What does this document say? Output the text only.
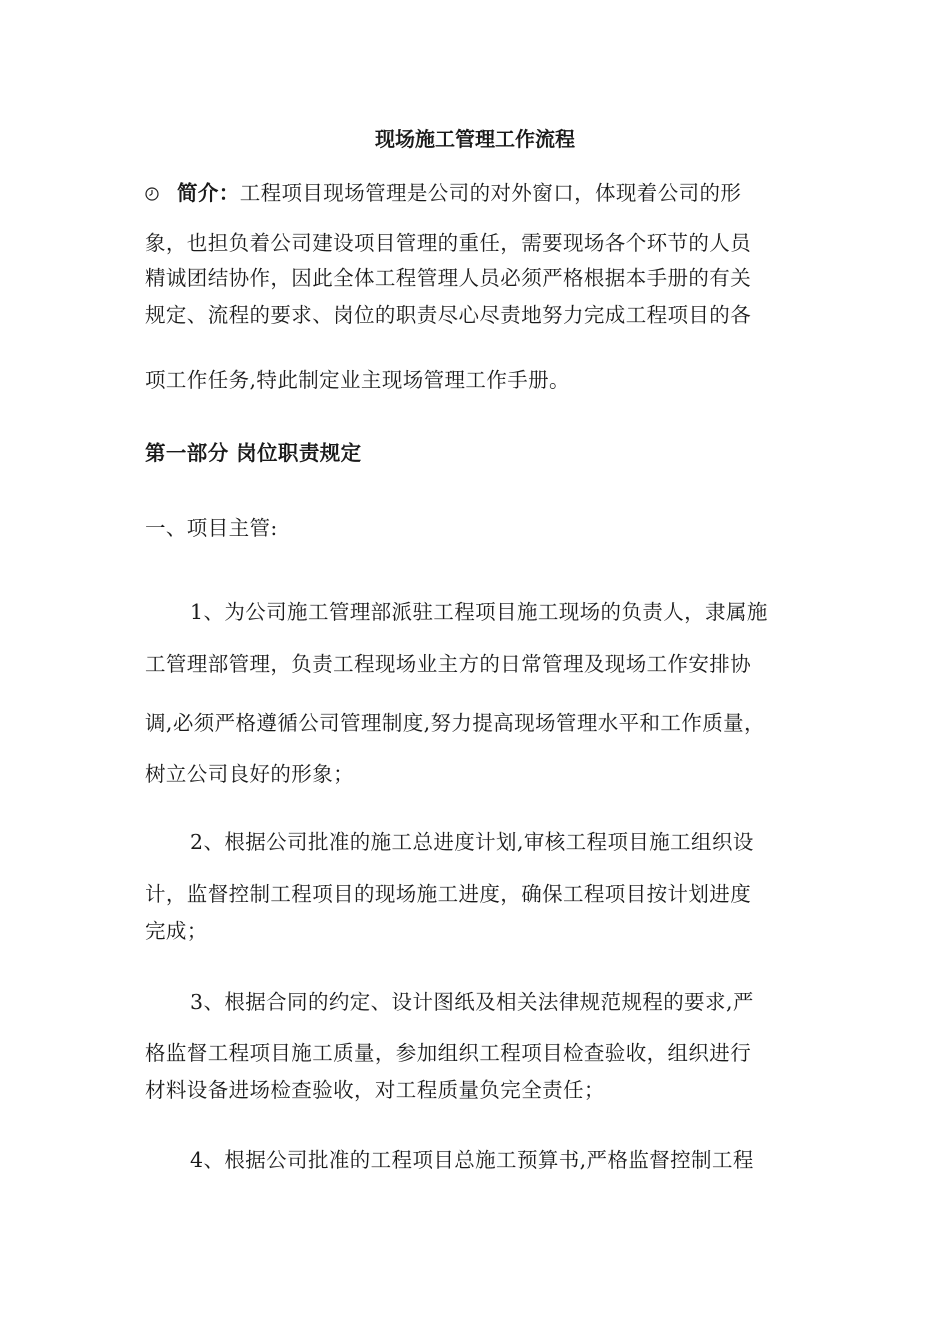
现场施工管理工作流程
简介：工程项目现场管理是公司的对外窗口，体现着公司的形
象，也担负着公司建设项目管理的重任，需要现场各个环节的人员
精诚团结协作，因此全体工程管理人员必须严格根据本手册的有关
规定、流程的要求、岗位的职责尽心尽责地努力完成工程项目的各
项工作任务,特此制定业主现场管理工作手册。
第一部分 岗位职责规定
一、项目主管:
1、为公司施工管理部派驻工程项目施工现场的负责人，隶属施
工管理部管理，负责工程现场业主方的日常管理及现场工作安排协
调,必须严格遵循公司管理制度,努力提高现场管理水平和工作质量，
树立公司良好的形象；
2、根据公司批准的施工总进度计划,审核工程项目施工组织设
计，监督控制工程项目的现场施工进度，确保工程项目按计划进度
完成；
3、根据合同的约定、设计图纸及相关法律规范规程的要求,严
格监督工程项目施工质量，参加组织工程项目检查验收，组织进行
材料设备进场检查验收，对工程质量负完全责任；
4、根据公司批准的工程项目总施工预算书,严格监督控制工程
